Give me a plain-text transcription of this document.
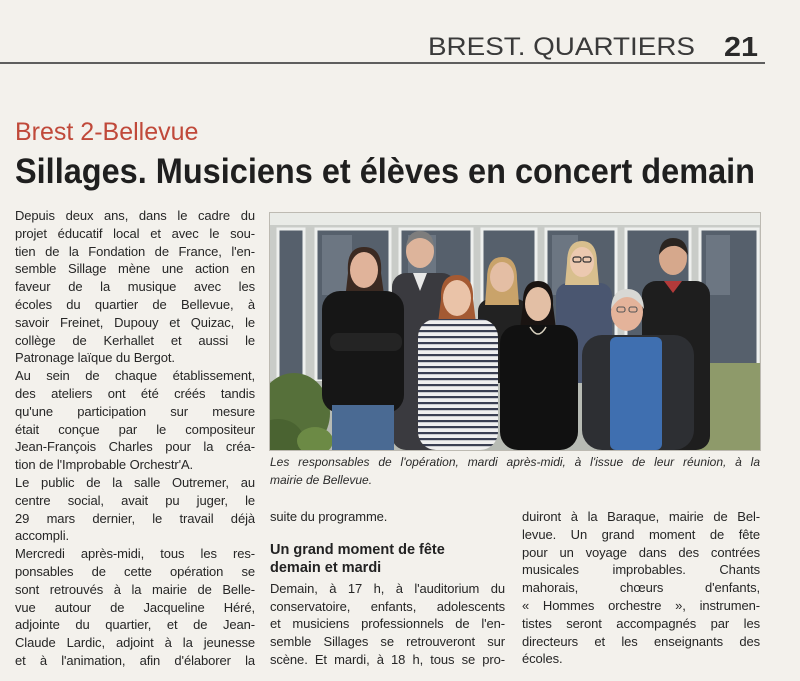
BREST. QUARTIERS 21
Brest 2-Bellevue
Sillages. Musiciens et élèves en concert demain
Depuis deux ans, dans le cadre du
projet éducatif local et avec le sou-
tien de la Fondation de France, l'en-
semble Sillage mène une action en
faveur de la musique avec les
écoles du quartier de Bellevue, à
savoir Freinet, Dupouy et Quizac, le
collège de Kerhallet et aussi le
Patronage laïque du Bergot.
Au sein de chaque établissement,
des ateliers ont été créés tandis
qu'une participation sur mesure
était conçue par le compositeur
Jean-François Charles pour la créa-
tion de l'Improbable Orchestr'A.
Le public de la salle Outremer, au
centre social, avait pu juger, le
29 mars dernier, le travail déjà
accompli.
Mercredi après-midi, tous les res-
ponsables de cette opération se
sont retrouvés à la mairie de Belle-
vue autour de Jacqueline Héré,
adjointe du quartier, et de Jean-
Claude Lardic, adjoint à la jeunesse
et à l'animation, afin d'élaborer la
Les responsables de l'opération, mardi après-midi, à l'issue de leur réunion, à la
mairie de Bellevue.
suite du programme.
Un grand moment de fête
demain et mardi
Demain, à 17 h, à l'auditorium du
conservatoire, enfants, adolescents
et musiciens professionnels de l'en-
semble Sillages se retrouveront sur
scène. Et mardi, à 18 h, tous se pro-
duiront à la Baraque, mairie de Bel-
levue. Un grand moment de fête
pour un voyage dans des contrées
musicales improbables. Chants
mahorais, chœurs d'enfants,
« Hommes orchestre », instrumen-
tistes seront accompagnés par les
directeurs et les enseignants des
écoles.
